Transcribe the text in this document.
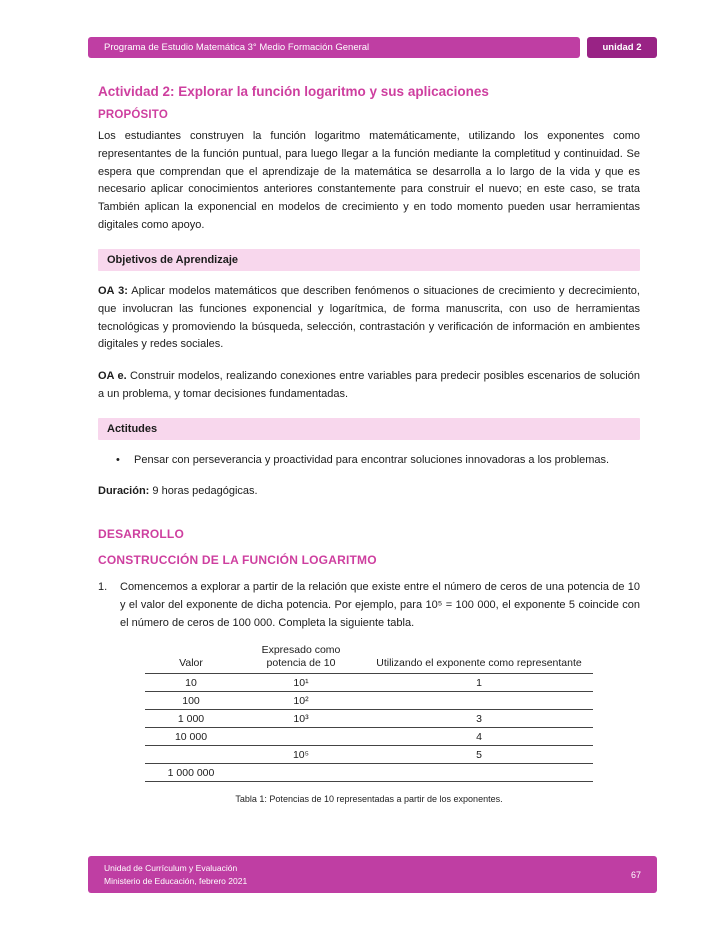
Programa de Estudio Matemática 3° Medio Formación General	unidad 2
Actividad 2: Explorar la función logaritmo y sus aplicaciones
PROPÓSITO

Los estudiantes construyen la función logaritmo matemáticamente, utilizando los exponentes como representantes de la función puntual, para luego llegar a la función mediante la completitud y continuidad. Se espera que comprendan que el aprendizaje de la matemática se desarrolla a lo largo de la vida y que es necesario aplicar conocimientos anteriores constantemente para construir el nuevo; en este caso, se trata También aplican la exponencial en modelos de crecimiento y en todo momento pueden usar herramientas digitales como apoyo.

Objetivos de Aprendizaje

OA 3: Aplicar modelos matemáticos que describen fenómenos o situaciones de crecimiento y decrecimiento, que involucran las funciones exponencial y logarítmica, de forma manuscrita, con uso de herramientas tecnológicas y promoviendo la búsqueda, selección, contrastación y verificación de información en ambientes digitales y redes sociales.

OA e. Construir modelos, realizando conexiones entre variables para predecir posibles escenarios de solución a un problema, y tomar decisiones fundamentadas.

Actitudes
• Pensar con perseverancia y proactividad para encontrar soluciones innovadoras a los problemas.

Duración: 9 horas pedagógicas.

DESARROLLO
CONSTRUCCIÓN DE LA FUNCIÓN LOGARITMO
1.	Comencemos a explorar a partir de la relación que existe entre el número de ceros de una potencia de 10 y el valor del exponente de dicha potencia. Por ejemplo, para 10⁵ = 100 000, el exponente 5 coincide con el número de ceros de 100 000. Completa la siguiente tabla.
Valor	Expresado como potencia de 10	Utilizando el exponente como representante
10	10¹	1
100	10²	
1 000	10³	3
10 000		4
	10⁵	5
1 000 000		
Tabla 1: Potencias de 10 representadas a partir de los exponentes.
Unidad de Currículum y Evaluación
Ministerio de Educación, febrero 2021
67
